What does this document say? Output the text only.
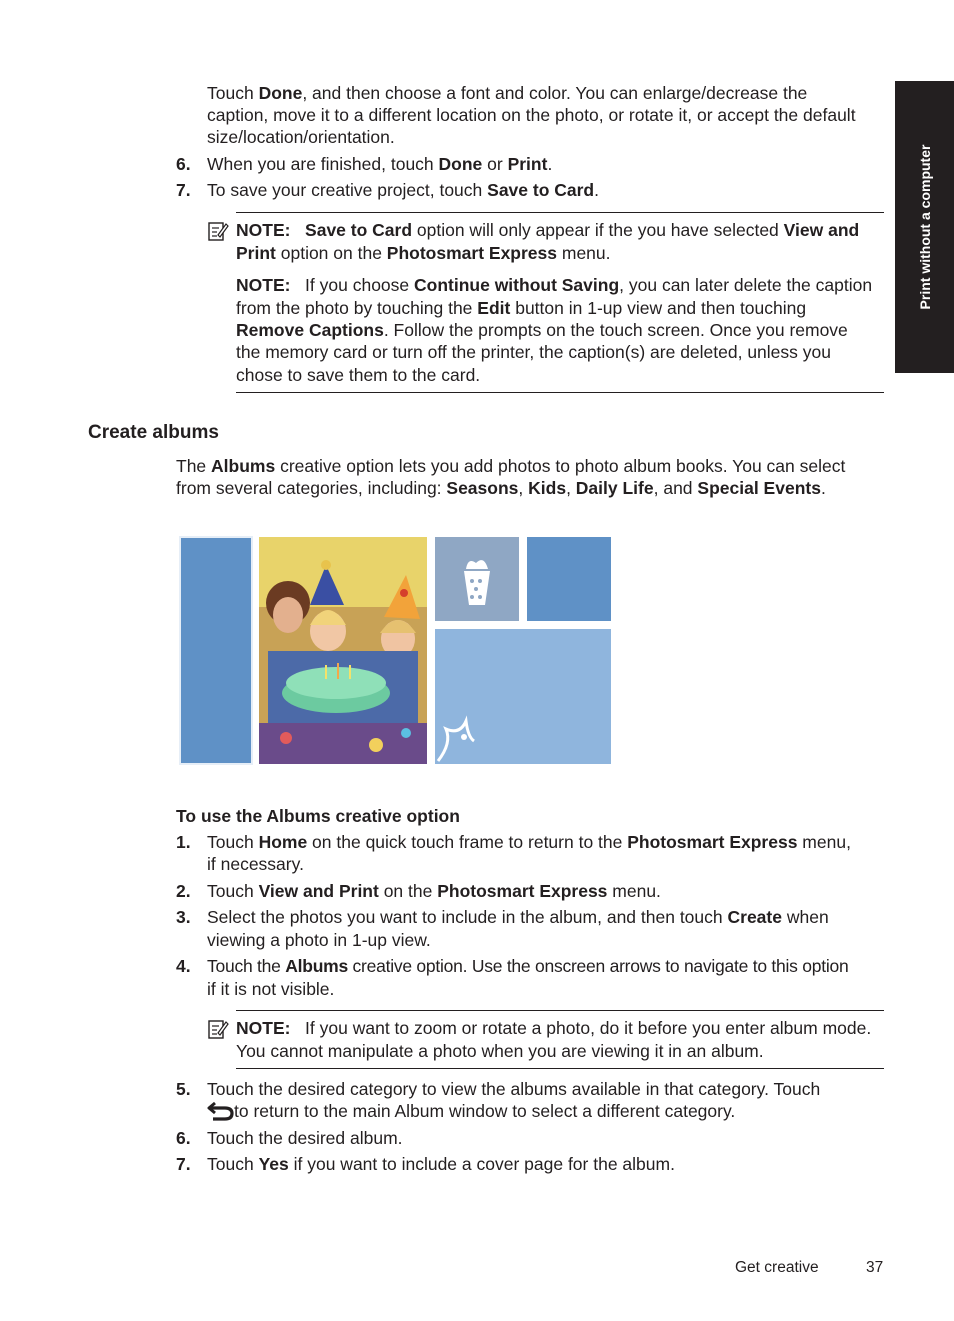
Print without a computer
Touch Done, and then choose a font and color. You can enlarge/decrease the
caption, move it to a different location on the photo, or rotate it, or accept the default
size/location/orientation.
6. When you are finished, touch Done or Print.
7. To save your creative project, touch Save to Card.
NOTE: Save to Card option will only appear if the you have selected View and
Print option on the Photosmart Express menu.
NOTE: If you choose Continue without Saving, you can later delete the caption
from the photo by touching the Edit button in 1-up view and then touching
Remove Captions. Follow the prompts on the touch screen. Once you remove
the memory card or turn off the printer, the caption(s) are deleted, unless you
chose to save them to the card.
Create albums
The Albums creative option lets you add photos to photo album books. You can select
from several categories, including: Seasons, Kids, Daily Life, and Special Events.
To use the Albums creative option
1. Touch Home on the quick touch frame to return to the Photosmart Express menu,
if necessary.
2. Touch View and Print on the Photosmart Express menu.
3. Select the photos you want to include in the album, and then touch Create when
viewing a photo in 1-up view.
4. Touch the Albums creative option. Use the onscreen arrows to navigate to this option
if it is not visible.
NOTE: If you want to zoom or rotate a photo, do it before you enter album mode.
You cannot manipulate a photo when you are viewing it in an album.
5. Touch the desired category to view the albums available in that category. Touch
to return to the main Album window to select a different category.
6. Touch the desired album.
7. Touch Yes if you want to include a cover page for the album.
Get creative	37
